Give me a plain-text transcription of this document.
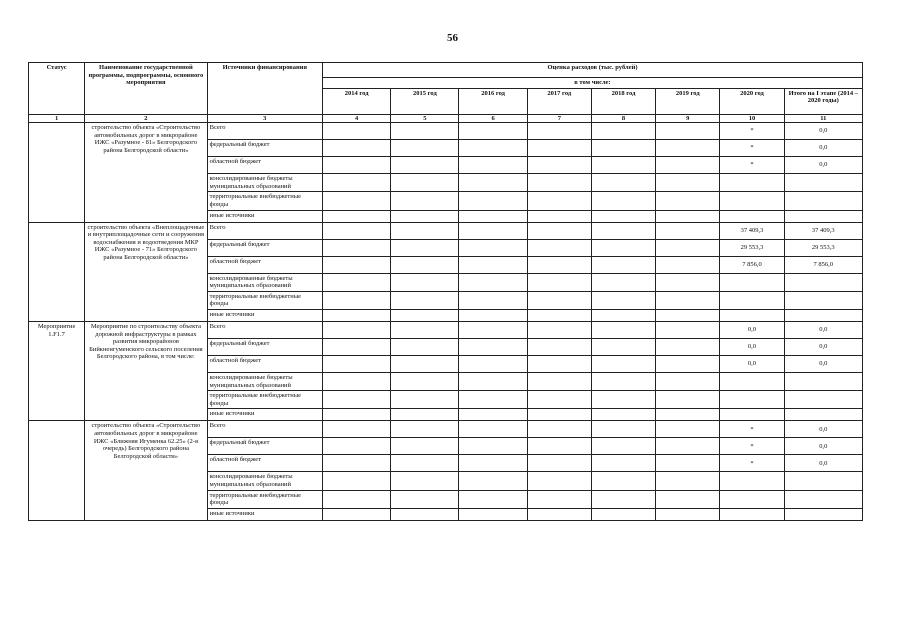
56
Статус	Наименование государственной программы, подпрограммы, основного мероприятия	Источники финансирования	Оценка расходов (тыс. рублей)							
			в том числе:							
			2014 год	2015 год	2016 год	2017 год	2018 год	2019 год	2020 год	Итого на I этапе (2014 – 2020 годы)
1	2	3	4	5	6	7	8	9	10	11
	строительство объекта «Строительство автомобильных дорог в микрорайоне ИЖС «Разумное - 81» Белгородского района Белгородской области»	Всего							*	0,0
		федеральный бюджет							*	0,0
		областной бюджет							*	0,0
		консолидированные бюджеты муниципальных образований								
		территориальные внебюджетные фонды								
		иные источники								
	строительство объекта «Внеплощадочные и внутриплощадочные сети и сооружения водоснабжения и водоотведения МКР ИЖС «Разумное - 71» Белгородского района Белгородской области»	Всего							37 409,3	37 409,3
		федеральный бюджет							29 553,3	29 553,3
		областной бюджет							7 856,0	7 856,0
		консолидированные бюджеты муниципальных образований								
		территориальные внебюджетные фонды								
		иные источники								
Мероприятие 1.F1.7	Мероприятие по строительству объекта дорожной инфраструктуры в рамках развития микрорайонов Бийкнеигуменского сельского поселения Белгородского района, в том числе:	Всего							0,0	0,0
		федеральный бюджет							0,0	0,0
		областной бюджет							0,0	0,0
		консолидированные бюджеты муниципальных образований								
		территориальные внебюджетные фонды								
		иные источники								
	строительство объекта «Строительство автомобильных дорог в микрорайоне ИЖС «Ближняя Игуменка 62.25» (2-я очередь) Белгородского района Белгородской области»	Всего							*	0,0
		федеральный бюджет							*	0,0
		областной бюджет							*	0,0
		консолидированные бюджеты муниципальных образований								
		территориальные внебюджетные фонды								
		иные источники								
